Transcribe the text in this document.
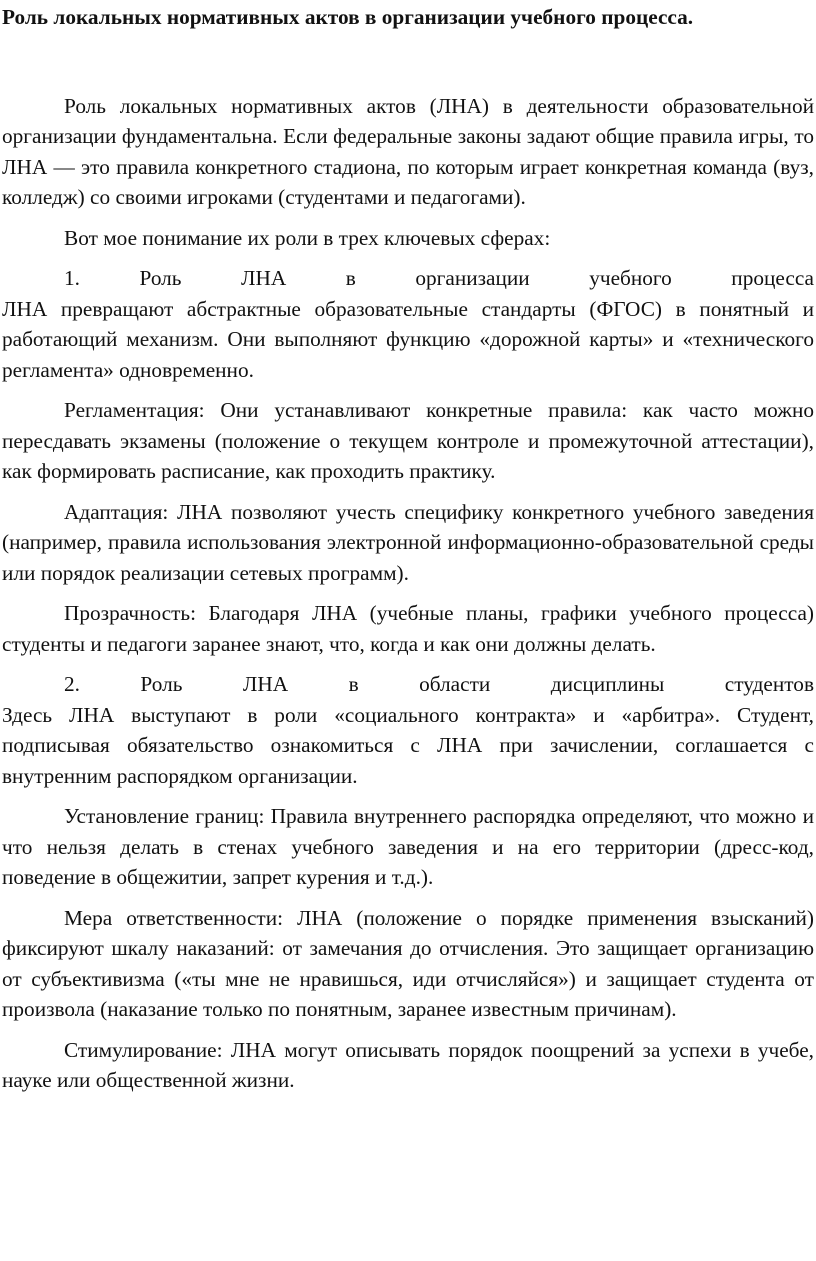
Роль локальных нормативных актов в организации учебного процесса.

Роль локальных нормативных актов (ЛНА) в деятельности образовательной организации фундаментальна. Если федеральные законы задают общие правила игры, то ЛНА — это правила конкретного стадиона, по которым играет конкретная команда (вуз, колледж) со своими игроками (студентами и педагогами).

Вот мое понимание их роли в трех ключевых сферах:

1. Роль ЛНА в организации учебного процесса
ЛНА превращают абстрактные образовательные стандарты (ФГОС) в понятный и работающий механизм. Они выполняют функцию «дорожной карты» и «технического регламента» одновременно.

Регламентация: Они устанавливают конкретные правила: как часто можно пересдавать экзамены (положение о текущем контроле и промежуточной аттестации), как формировать расписание, как проходить практику.

Адаптация: ЛНА позволяют учесть специфику конкретного учебного заведения (например, правила использования электронной информационно-образовательной среды или порядок реализации сетевых программ).

Прозрачность: Благодаря ЛНА (учебные планы, графики учебного процесса) студенты и педагоги заранее знают, что, когда и как они должны делать.

2. Роль ЛНА в области дисциплины студентов
Здесь ЛНА выступают в роли «социального контракта» и «арбитра». Студент, подписывая обязательство ознакомиться с ЛНА при зачислении, соглашается с внутренним распорядком организации.

Установление границ: Правила внутреннего распорядка определяют, что можно и что нельзя делать в стенах учебного заведения и на его территории (дресс-код, поведение в общежитии, запрет курения и т.д.).

Мера ответственности: ЛНА (положение о порядке применения взысканий) фиксируют шкалу наказаний: от замечания до отчисления. Это защищает организацию от субъективизма («ты мне не нравишься, иди отчисляйся») и защищает студента от произвола (наказание только по понятным, заранее известным причинам).

Стимулирование: ЛНА могут описывать порядок поощрений за успехи в учебе, науке или общественной жизни.
